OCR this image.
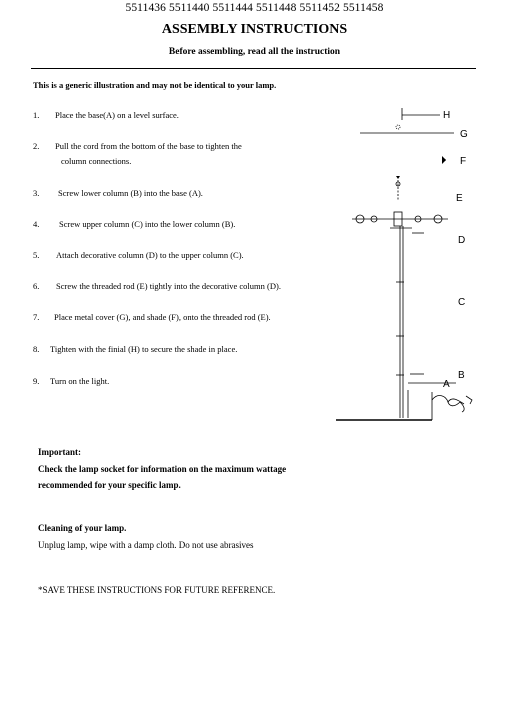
5511436 5511440 5511444 5511448 5511452 5511458
ASSEMBLY INSTRUCTIONS
Before assembling, read all the instruction
This is a generic illustration and may not be identical to your lamp.
1. Place the base(A) on a level surface.
2. Pull the cord from the bottom of the base to tighten the
column connections.
3. Screw lower column (B) into the base (A).
4. Screw upper column (C) into the lower column (B).
5. Attach decorative column (D) to the upper column (C).
6. Screw the threaded rod (E) tightly into the decorative column (D).
7. Place metal cover (G), and shade (F), onto the threaded rod (E).
8. Tighten with the finial (H) to secure the shade in place.
9. Turn on the light.
H
G
F
E
D
C
B
A
Important:
Check the lamp socket for information on the maximum wattage recommended for your specific lamp.
Cleaning of your lamp.
Unplug lamp, wipe with a damp cloth. Do not use abrasives
*SAVE THESE INSTRUCTIONS FOR FUTURE REFERENCE.
